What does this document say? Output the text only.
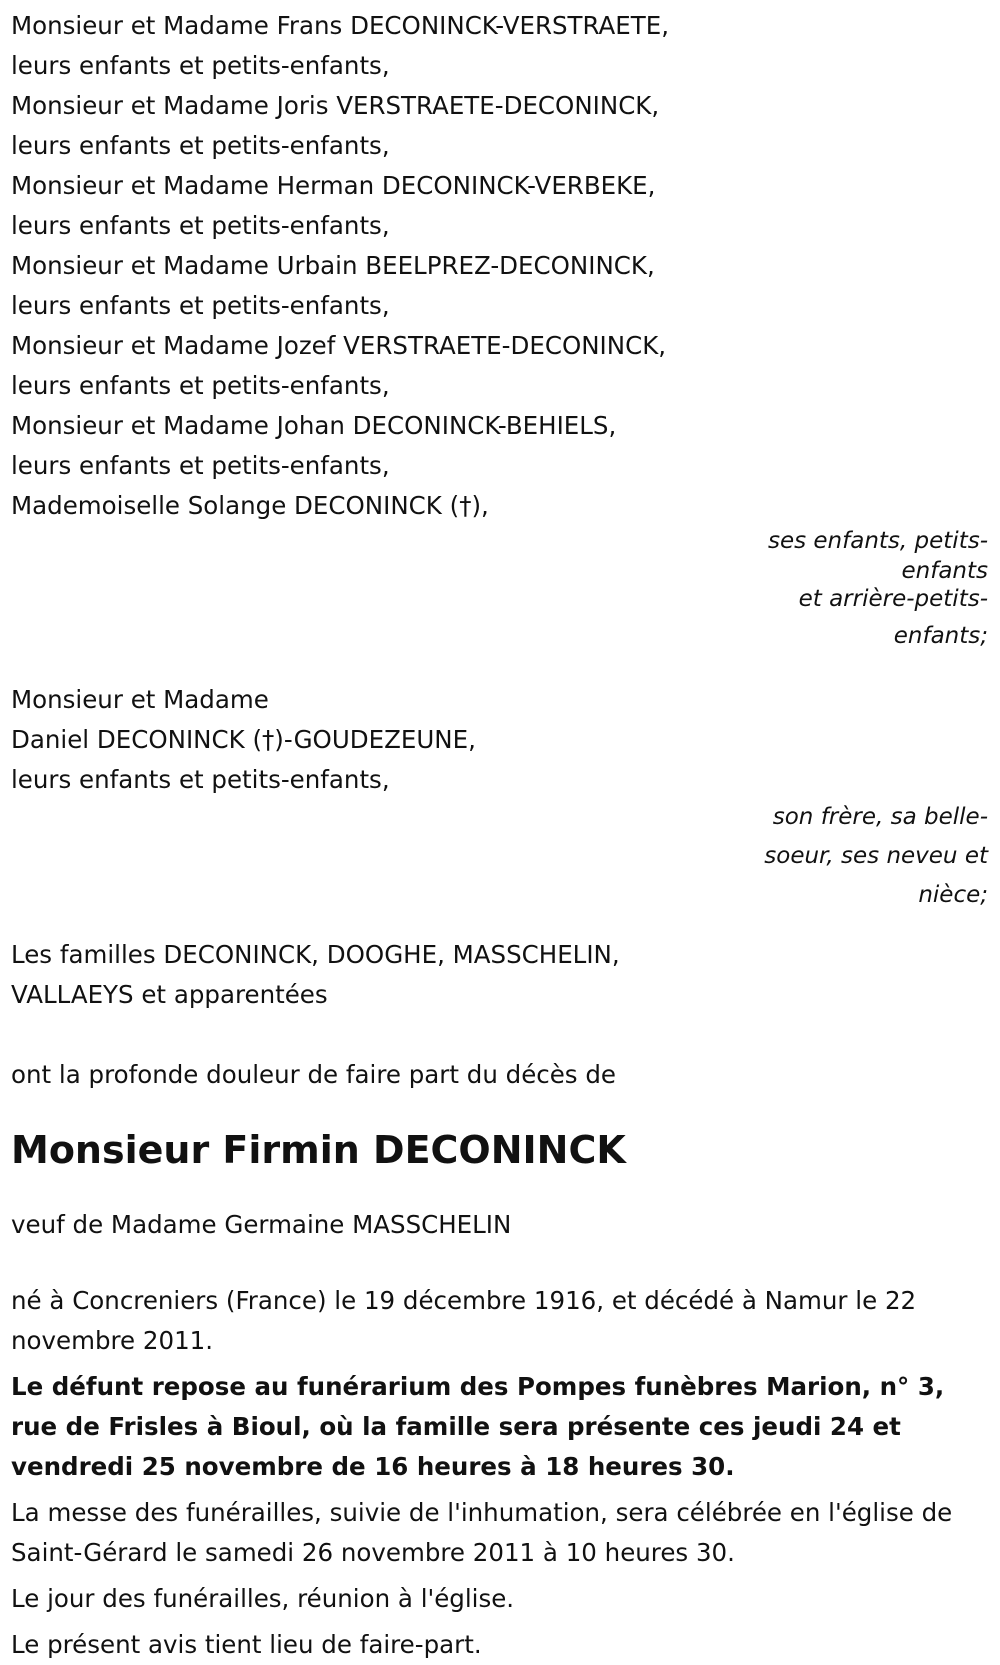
Monsieur et Madame Frans DECONINCK-VERSTRAETE,
leurs enfants et petits-enfants,
Monsieur et Madame Joris VERSTRAETE-DECONINCK,
leurs enfants et petits-enfants,
Monsieur et Madame Herman DECONINCK-VERBEKE,
leurs enfants et petits-enfants,
Monsieur et Madame Urbain BEELPREZ-DECONINCK,
leurs enfants et petits-enfants,
Monsieur et Madame Jozef VERSTRAETE-DECONINCK,
leurs enfants et petits-enfants,
Monsieur et Madame Johan DECONINCK-BEHIELS,
leurs enfants et petits-enfants,
Mademoiselle Solange DECONINCK (†),
ses enfants, petits-
enfants
et arrière-petits-
enfants;
Monsieur et Madame
Daniel DECONINCK (†)-GOUDEZEUNE,
leurs enfants et petits-enfants,
son frère, sa belle-
soeur, ses neveu et
nièce;
Les familles DECONINCK, DOOGHE, MASSCHELIN,
VALLAEYS et apparentées
ont la profonde douleur de faire part du décès de
Monsieur Firmin DECONINCK
veuf de Madame Germaine MASSCHELIN
né à Concreniers (France) le 19 décembre 1916, et décédé à Namur le 22 novembre 2011.
Le défunt repose au funérarium des Pompes funèbres Marion, n° 3, rue de Frisles à Bioul, où la famille sera présente ces jeudi 24 et vendredi 25 novembre de 16 heures à 18 heures 30.
La messe des funérailles, suivie de l'inhumation, sera célébrée en l'église de Saint-Gérard le samedi 26 novembre 2011 à 10 heures 30.
Le jour des funérailles, réunion à l'église.
Le présent avis tient lieu de faire-part.
